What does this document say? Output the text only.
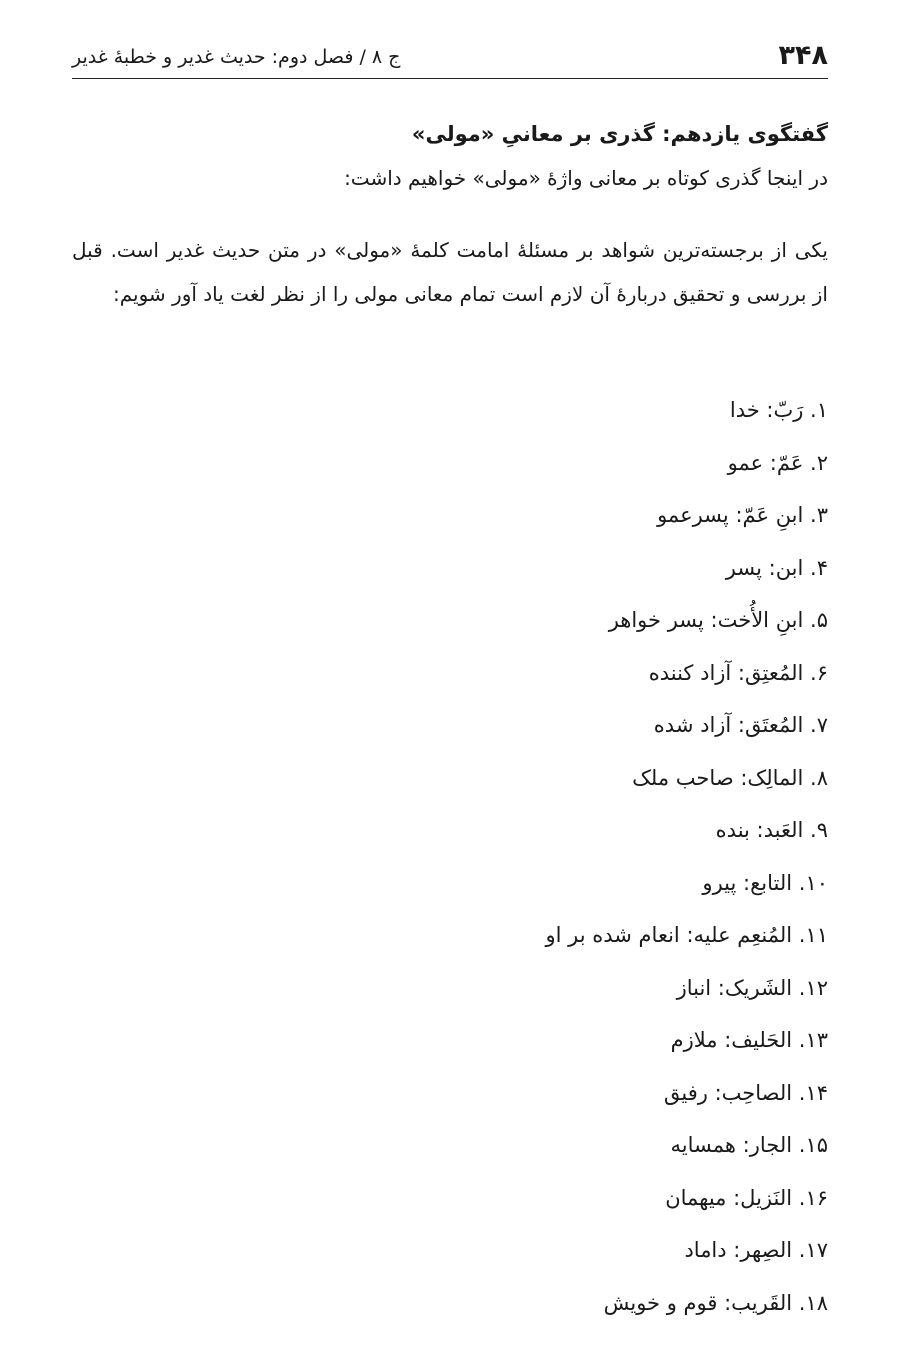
۳۴۸
ج ۸ / فصل دوم: حدیث غدیر و خطبهٔ غدیر
گفتگوی یازدهم: گذری بر معانیِ «مولی»

در اینجا گذری کوتاه بر معانی واژهٔ «مولی» خواهیم داشت:

یکی از برجسته‌ترین شواهد بر مسئلهٔ امامت کلمهٔ «مولی» در متن حدیث غدیر است. قبل از بررسی و تحقیق دربارهٔ آن لازم است تمام معانی مولی را از نظر لغت یاد آور شویم:

۱. رَبّ: خدا
۲. عَمّ: عمو
۳. ابنِ عَمّ: پسرعمو
۴. ابن: پسر
۵. ابنِ الأُخت: پسر خواهر
۶. المُعتِق: آزاد کننده
۷. المُعتَق: آزاد شده
۸. المالِک: صاحب ملک
۹. العَبد: بنده
۱۰. التابع: پیرو
۱۱. المُنعِم علیه: انعام شده بر او
۱۲. الشَریک: انباز
۱۳. الحَلیف: ملازم
۱۴. الصاحِب: رفیق
۱۵. الجار: همسایه
۱۶. النَزیل: میهمان
۱۷. الصِهر: داماد
۱۸. القَریب: قوم و خویش
